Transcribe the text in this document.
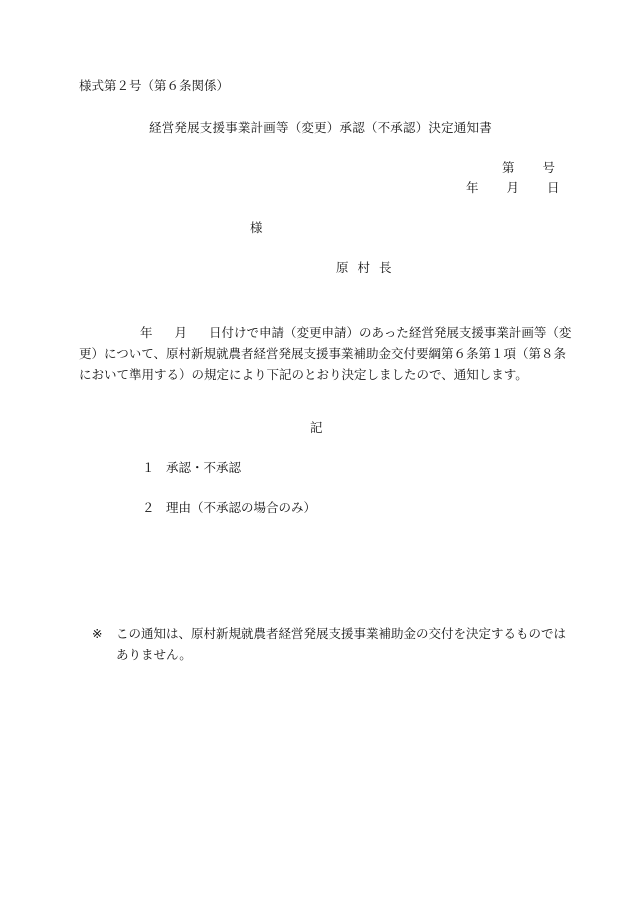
様式第２号（第６条関係）
経営発展支援事業計画等（変更）承認（不承認）決定通知書
第 号
年 月 日
様
原村長
年 月 日付けで申請（変更申請）のあった経営発展支援事業計画等（変
更）について、原村新規就農者経営発展支援事業補助金交付要綱第６条第１項（第８条
において準用する）の規定により下記のとおり決定しましたので、通知します。
記
１ 承認・不承認
２ 理由（不承認の場合のみ）
※ この通知は、原村新規就農者経営発展支援事業補助金の交付を決定するものでは
ありません。
